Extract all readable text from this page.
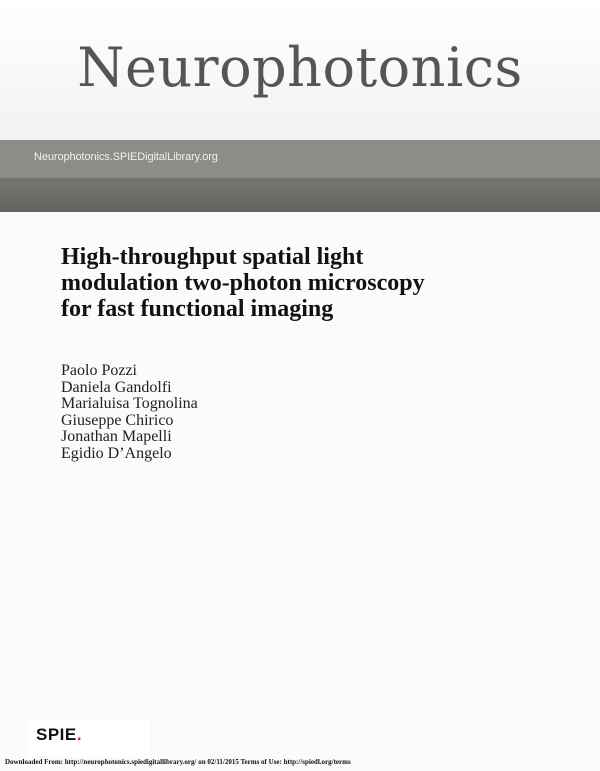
Neurophotonics
Neurophotonics.SPIEDigitalLibrary.org
High-throughput spatial light
modulation two-photon microscopy
for fast functional imaging
Paolo Pozzi
Daniela Gandolfi
Marialuisa Tognolina
Giuseppe Chirico
Jonathan Mapelli
Egidio D’Angelo
SPIE.
Downloaded From: http://neurophotonics.spiedigitallibrary.org/ on 02/11/2015 Terms of Use: http://spiedl.org/terms
